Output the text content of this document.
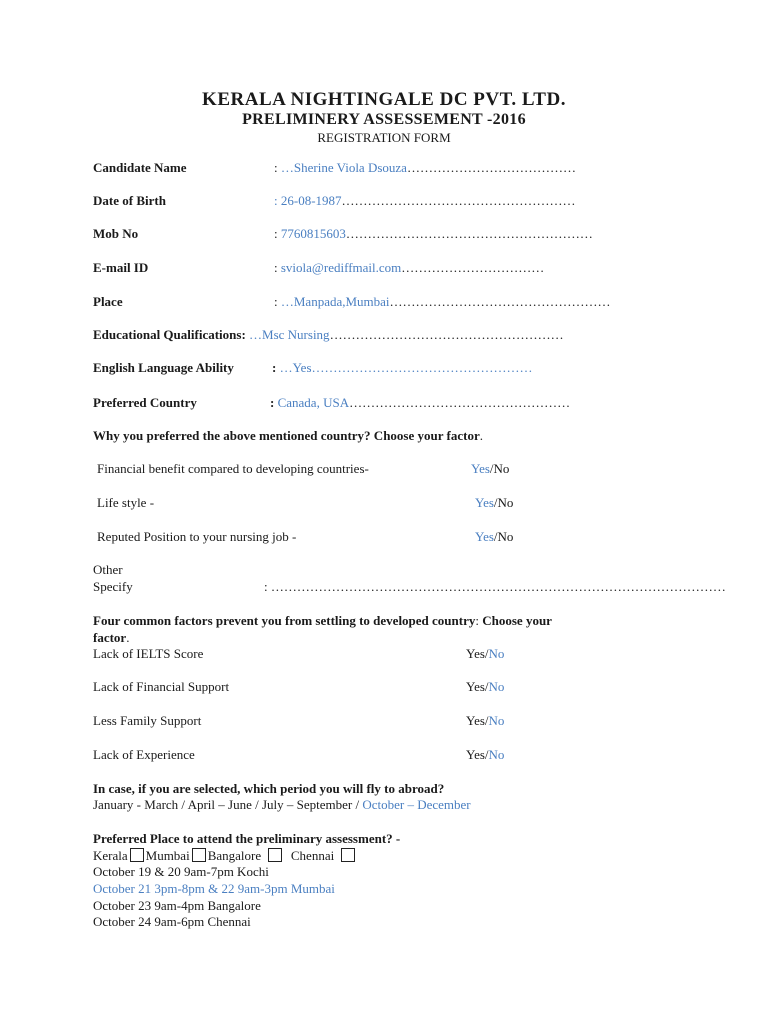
KERALA NIGHTINGALE DC PVT. LTD.
PRELIMINERY ASSESSEMENT -2016
REGISTRATION FORM
Candidate Name	: …Sherine Viola Dsouza…………………………………
Date of Birth	: 26-08-1987………………………………………………
Mob No	: 7760815603…………………………………………………
E-mail ID	: sviola@rediffmail.com……………………………
Place	: …Manpada,Mumbai……………………………………………
Educational Qualifications: …Msc Nursing………………………………………………
English Language Ability	: …Yes……………………………………………
Preferred Country	: Canada, USA……………………………………………
Why you preferred the above mentioned country? Choose your factor.
Financial benefit compared to developing countries-	Yes/No
Life style -	Yes/No
Reputed Position to your nursing job -	Yes/No
Other
Specify	: ……………………………………………………………………………………………
Four common factors prevent you from settling to developed country: Choose your
factor.
Lack of IELTS Score	Yes/No
Lack of Financial Support	Yes/No
Less Family Support	Yes/No
Lack of Experience	Yes/No
In case, if you are selected, which period you will fly to abroad?
January - March / April – June / July – September / October – December
Preferred Place to attend the preliminary assessment? -
Kerala Mumbai Bangalore Chennai
October 19 & 20 9am-7pm Kochi
October 21 3pm-8pm & 22 9am-3pm Mumbai
October 23 9am-4pm Bangalore
October 24 9am-6pm Chennai
